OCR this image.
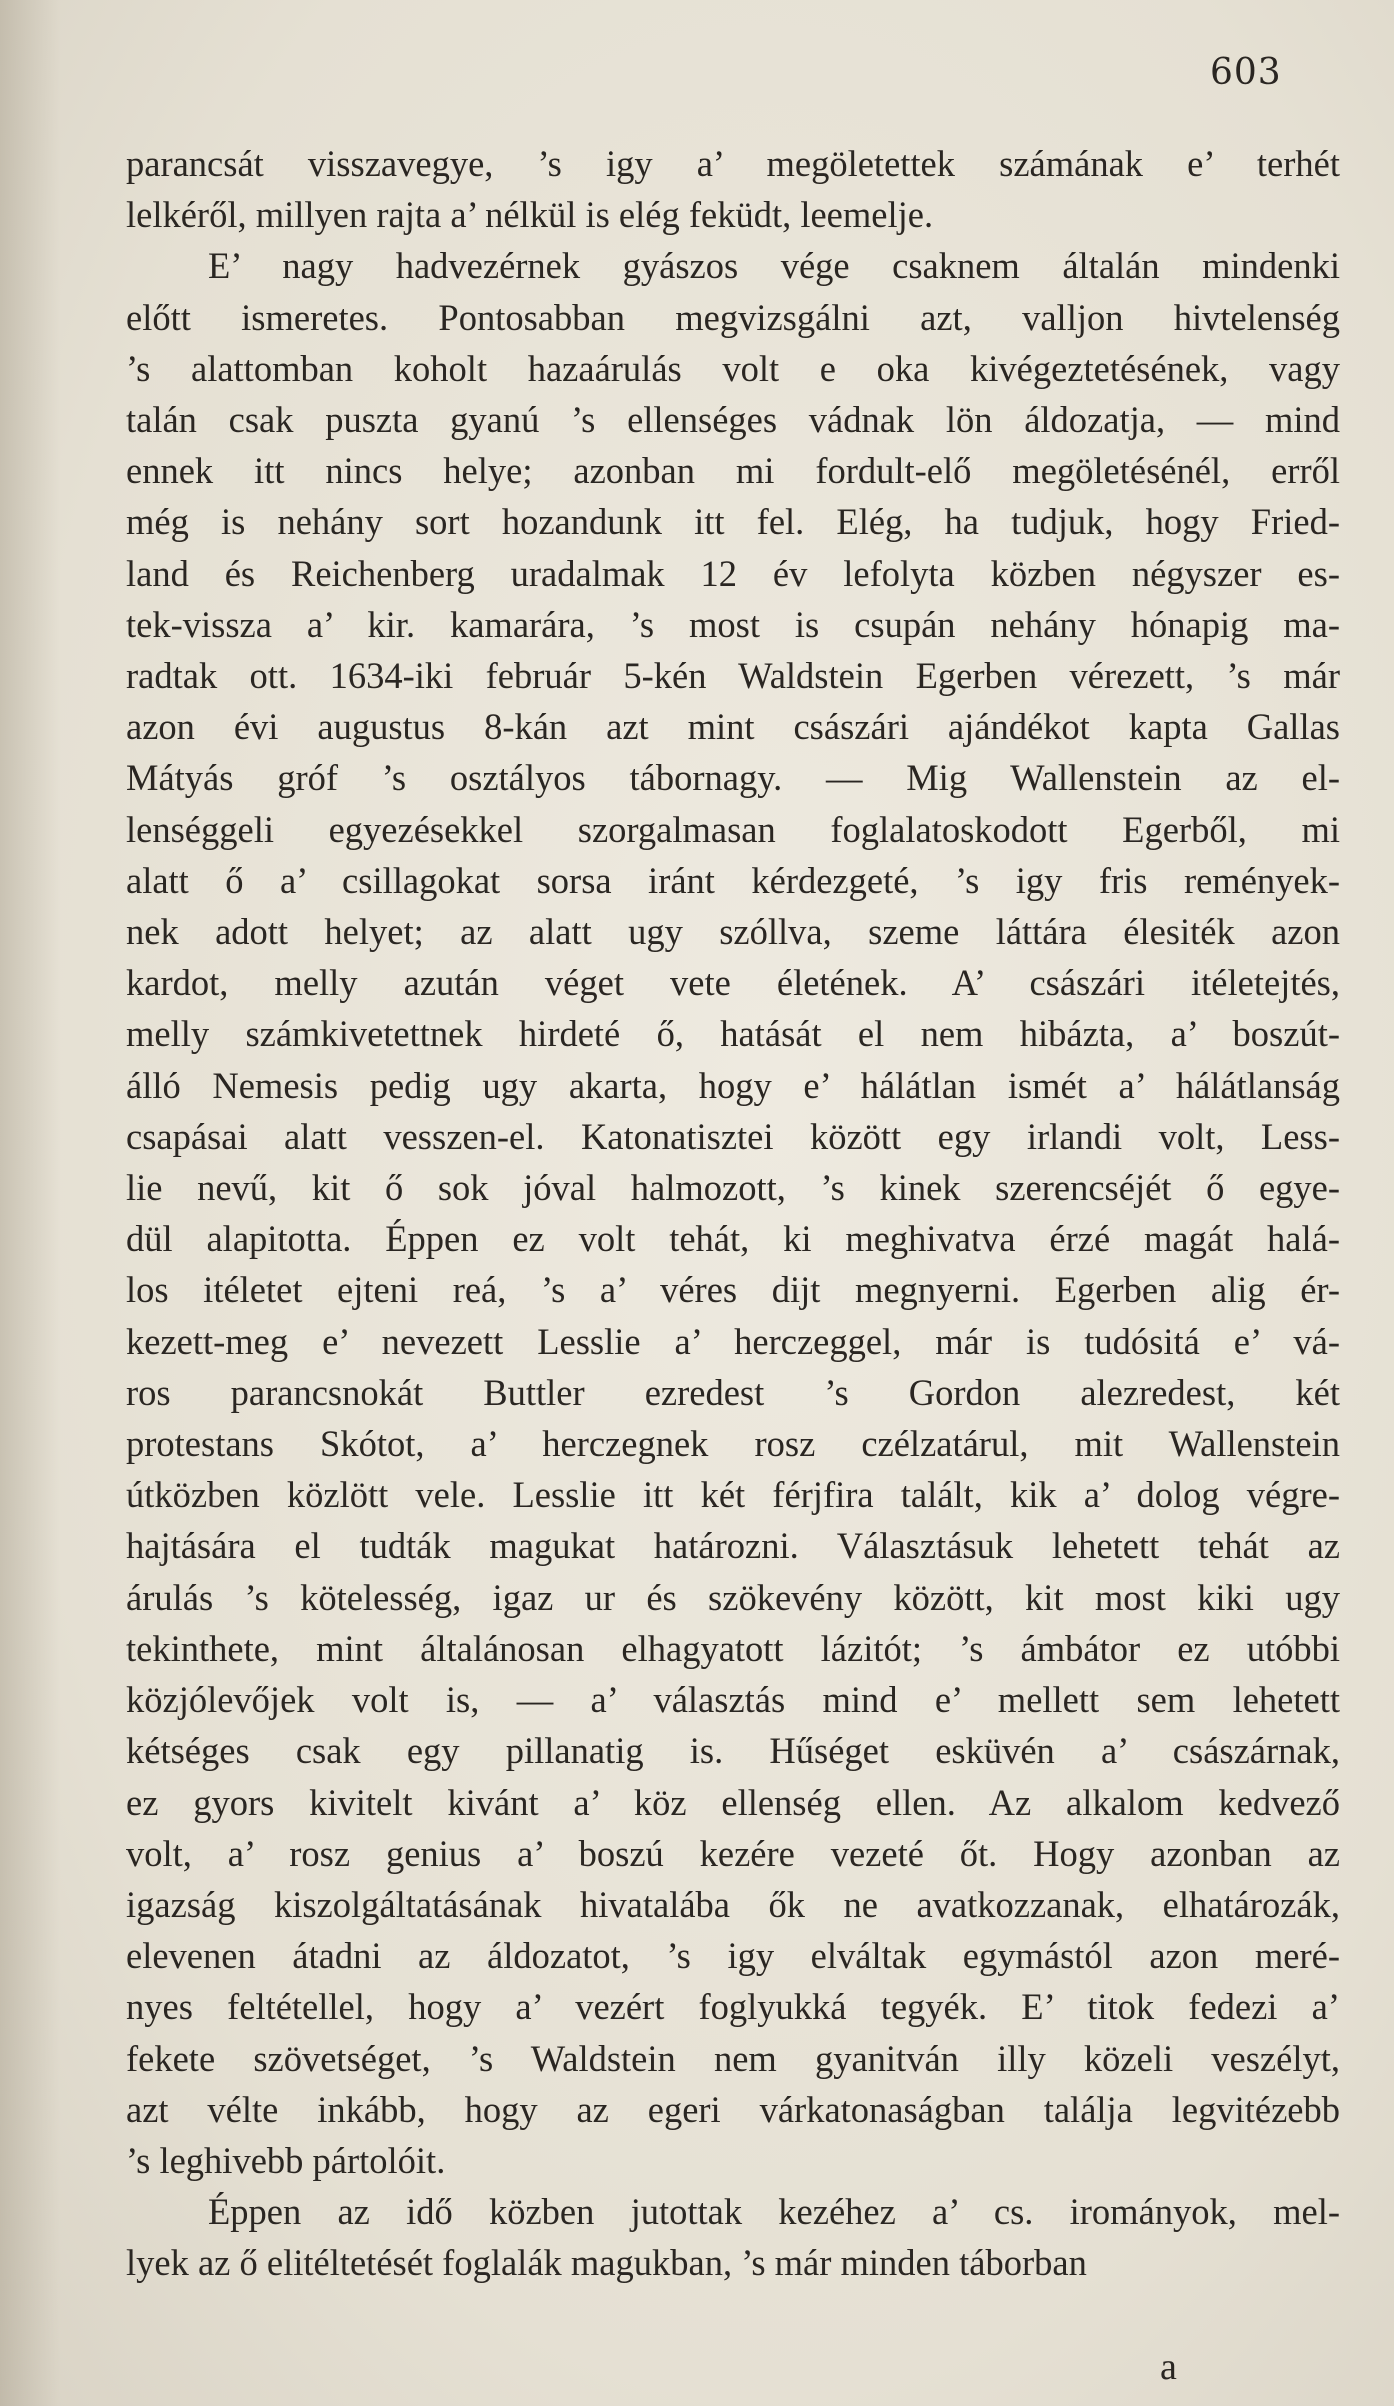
603
parancsát visszavegye, ’s igy a’ megöletettek számának e’ terhét
lelkéről, millyen rajta a’ nélkül is elég feküdt, leemelje.
E’ nagy hadvezérnek gyászos vége csaknem általán mindenki
előtt ismeretes. Pontosabban megvizsgálni azt, valljon hivtelenség
’s alattomban koholt hazaárulás volt e oka kivégeztetésének, vagy
talán csak puszta gyanú ’s ellenséges vádnak lön áldozatja, — mind
ennek itt nincs helye; azonban mi fordult-elő megöletésénél, erről
még is nehány sort hozandunk itt fel. Elég, ha tudjuk, hogy Fried-
land és Reichenberg uradalmak 12 év lefolyta közben négyszer es-
tek-vissza a’ kir. kamarára, ’s most is csupán nehány hónapig ma-
radtak ott. 1634-iki február 5-kén Waldstein Egerben vérezett, ’s már
azon évi augustus 8-kán azt mint császári ajándékot kapta Gallas
Mátyás gróf ’s osztályos tábornagy. — Mig Wallenstein az el-
lenséggeli egyezésekkel szorgalmasan foglalatoskodott Egerből, mi
alatt ő a’ csillagokat sorsa iránt kérdezgeté, ’s igy fris remények-
nek adott helyet; az alatt ugy szóllva, szeme láttára élesiték azon
kardot, melly azután véget vete életének. A’ császári itéletejtés,
melly számkivetettnek hirdeté ő, hatását el nem hibázta, a’ boszút-
álló Nemesis pedig ugy akarta, hogy e’ hálátlan ismét a’ hálátlanság
csapásai alatt vesszen-el. Katonatisztei között egy irlandi volt, Less-
lie nevű, kit ő sok jóval halmozott, ’s kinek szerencséjét ő egye-
dül alapitotta. Éppen ez volt tehát, ki meghivatva érzé magát halá-
los itéletet ejteni reá, ’s a’ véres dijt megnyerni. Egerben alig ér-
kezett-meg e’ nevezett Lesslie a’ herczeggel, már is tudósitá e’ vá-
ros parancsnokát Buttler ezredest ’s Gordon alezredest, két
protestans Skótot, a’ herczegnek rosz czélzatárul, mit Wallenstein
útközben közlött vele. Lesslie itt két férjfira talált, kik a’ dolog végre-
hajtására el tudták magukat határozni. Választásuk lehetett tehát az
árulás ’s kötelesség, igaz ur és szökevény között, kit most kiki ugy
tekinthete, mint általánosan elhagyatott lázitót; ’s ámbátor ez utóbbi
közjólevőjek volt is, — a’ választás mind e’ mellett sem lehetett
kétséges csak egy pillanatig is. Hűséget esküvén a’ császárnak,
ez gyors kivitelt kivánt a’ köz ellenség ellen. Az alkalom kedvező
volt, a’ rosz genius a’ boszú kezére vezeté őt. Hogy azonban az
igazság kiszolgáltatásának hivatalába ők ne avatkozzanak, elhatározák,
elevenen átadni az áldozatot, ’s igy elváltak egymástól azon meré-
nyes feltétellel, hogy a’ vezért foglyukká tegyék. E’ titok fedezi a’
fekete szövetséget, ’s Waldstein nem gyanitván illy közeli veszélyt,
azt vélte inkább, hogy az egeri várkatonaságban találja legvitézebb
’s leghivebb pártolóit.
Éppen az idő közben jutottak kezéhez a’ cs. irományok, mel-
lyek az ő elitéltetését foglalák magukban, ’s már minden táborban
a
